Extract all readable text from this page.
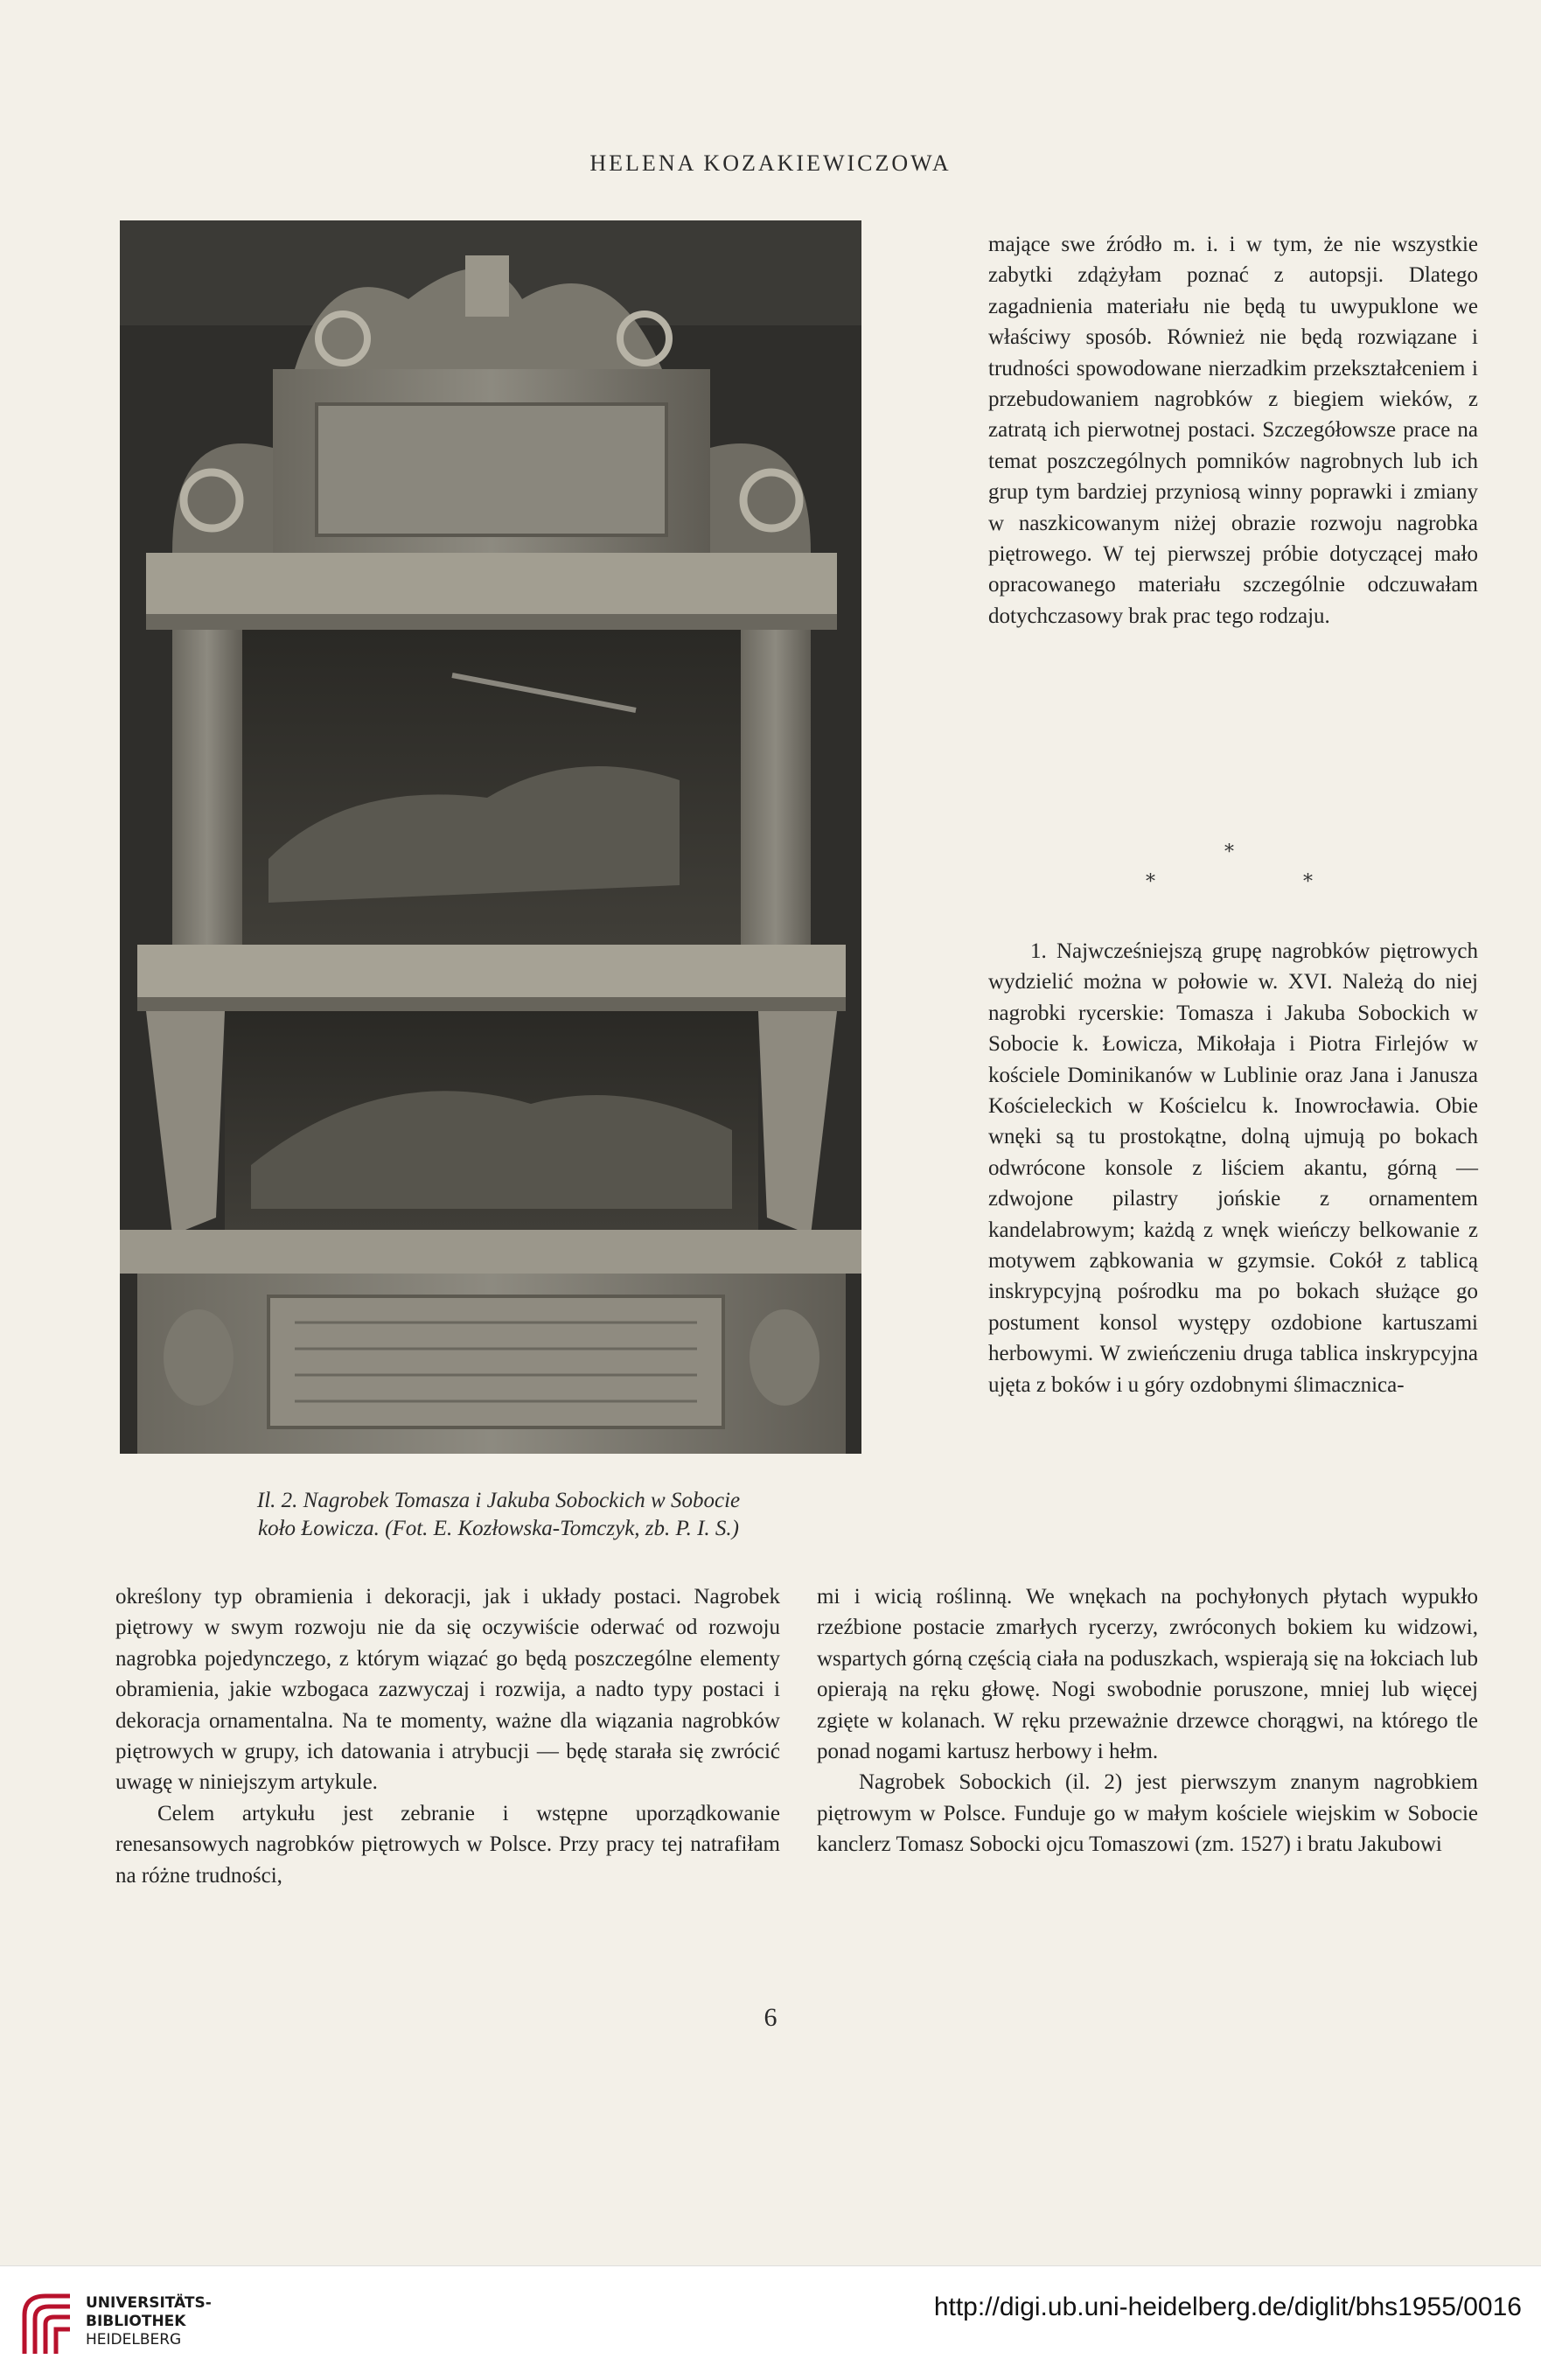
HELENA KOZAKIEWICZOWA
Il. 2. Nagrobek Tomasza i Jakuba Sobockich w Sobocie
koło Łowicza. (Fot. E. Kozłowska-Tomczyk, zb. P. I. S.)

mające swe źródło m. i. i w tym, że nie wszystkie zabytki zdążyłam poznać z autopsji. Dlatego zagadnienia materiału nie będą tu uwypuklone we właściwy sposób. Również nie będą rozwiązane i trudności spowodowane nierzadkim przekształceniem i przebudowaniem nagrobków z biegiem wieków, z zatratą ich pierwotnej postaci. Szczegółowsze prace na temat poszczególnych pomników nagrobnych lub ich grup tym bardziej przyniosą winny poprawki i zmiany w naszkicowanym niżej obrazie rozwoju nagrobka piętrowego. W tej pierwszej próbie dotyczącej mało opracowanego materiału szczególnie odczuwałam dotychczasowy brak prac tego rodzaju.

*
*	*

1. Najwcześniejszą grupę nagrobków piętrowych wydzielić można w połowie w. XVI. Należą do niej nagrobki rycerskie: Tomasza i Jakuba Sobockich w Sobocie k. Łowicza, Mikołaja i Piotra Firlejów w kościele Dominikanów w Lublinie oraz Jana i Janusza Kościeleckich w Kościelcu k. Inowrocławia. Obie wnęki są tu prostokątne, dolną ujmują po bokach odwrócone konsole z liściem akantu, górną — zdwojone pilastry jońskie z ornamentem kandelabrowym; każdą z wnęk wieńczy belkowanie z motywem ząbkowania w gzymsie. Cokół z tablicą inskrypcyjną pośrodku ma po bokach służące go postument konsol występy ozdobione kartuszami herbowymi. W zwieńczeniu druga tablica inskrypcyjna ujęta z boków i u góry ozdobnymi ślimacznica-

określony typ obramienia i dekoracji, jak i układy postaci. Nagrobek piętrowy w swym rozwoju nie da się oczywiście oderwać od rozwoju nagrobka pojedynczego, z którym wiązać go będą poszczególne elementy obramienia, jakie wzbogaca zazwyczaj i rozwija, a nadto typy postaci i dekoracja ornamentalna. Na te momenty, ważne dla wiązania nagrobków piętrowych w grupy, ich datowania i atrybucji — będę starała się zwrócić uwagę w niniejszym artykule.

Celem artykułu jest zebranie i wstępne uporządkowanie renesansowych nagrobków piętrowych w Polsce. Przy pracy tej natrafiłam na różne trudności,

mi i wicią roślinną. We wnękach na pochyłonych płytach wypukło rzeźbione postacie zmarłych rycerzy, zwróconych bokiem ku widzowi, wspartych górną częścią ciała na poduszkach, wspierają się na łokciach lub opierają na ręku głowę. Nogi swobodnie poruszone, mniej lub więcej zgięte w kolanach. W ręku przeważnie drzewce chorągwi, na którego tle ponad nogami kartusz herbowy i hełm.

Nagrobek Sobockich (il. 2) jest pierwszym znanym nagrobkiem piętrowym w Polsce. Funduje go w małym kościele wiejskim w Sobocie kanclerz Tomasz Sobocki ojcu Tomaszowi (zm. 1527) i bratu Jakubowi

6
UNIVERSITÄTS-
BIBLIOTHEK
HEIDELBERG
http://digi.ub.uni-heidelberg.de/diglit/bhs1955/0016
